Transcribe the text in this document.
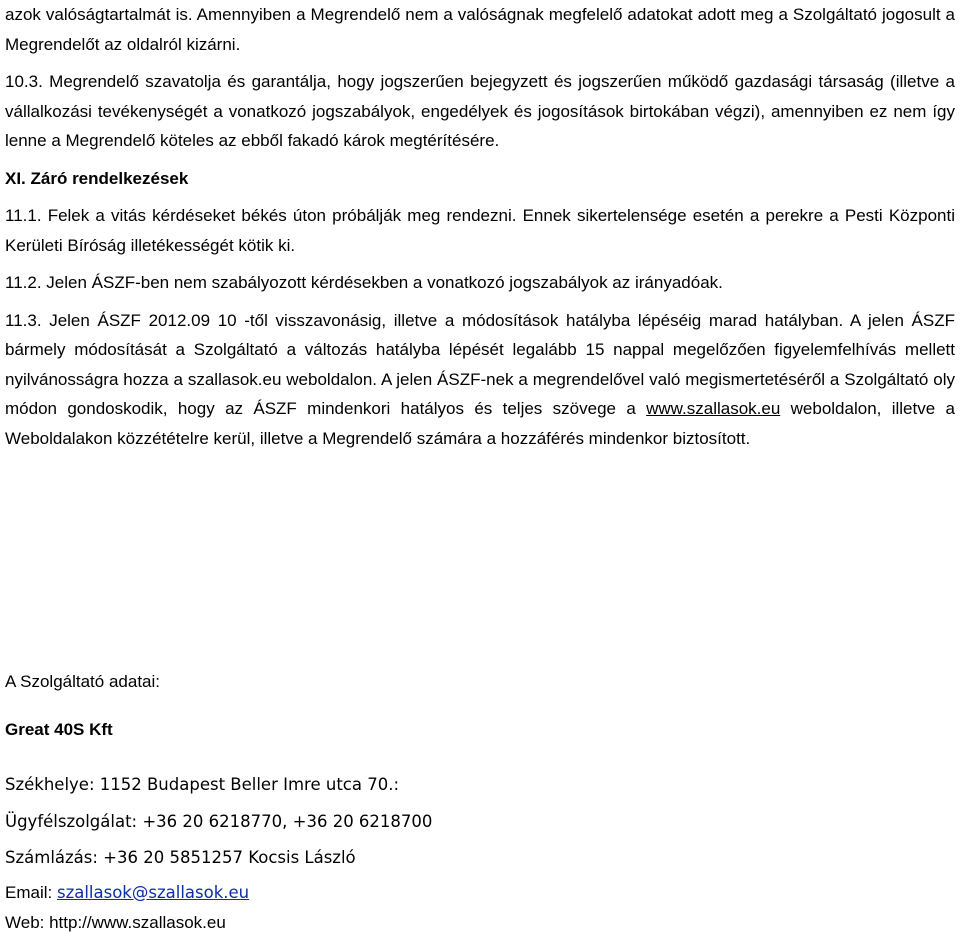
azok valóságtartalmát is. Amennyiben a Megrendelő nem a valóságnak megfelelő adatokat adott meg a Szolgáltató jogosult a Megrendelőt az oldalról kizárni.

10.3. Megrendelő szavatolja és garantálja, hogy jogszerűen bejegyzett és jogszerűen működő gazdasági társaság (illetve a vállalkozási tevékenységét a vonatkozó jogszabályok, engedélyek és jogosítások birtokában végzi), amennyiben ez nem így lenne a Megrendelő köteles az ebből fakadó károk megtérítésére.

XI. Záró rendelkezések

11.1. Felek a vitás kérdéseket békés úton próbálják meg rendezni. Ennek sikertelensége esetén a perekre a Pesti Központi Kerületi Bíróság illetékességét kötik ki.

11.2. Jelen ÁSZF-ben nem szabályozott kérdésekben a vonatkozó jogszabályok az irányadóak.

11.3. Jelen ÁSZF 2012.09 10 -től visszavonásig, illetve a módosítások hatályba lépéséig marad hatályban. A jelen ÁSZF bármely módosítását a Szolgáltató a változás hatályba lépését legalább 15 nappal megelőzően figyelemfelhívás mellett nyilvánosságra hozza a szallasok.eu weboldalon. A jelen ÁSZF-nek a megrendelővel való megismertetéséről a Szolgáltató oly módon gondoskodik, hogy az ÁSZF mindenkori hatályos és teljes szövege a www.szallasok.eu weboldalon, illetve a Weboldalakon közzétételre kerül, illetve a Megrendelő számára a hozzáférés mindenkor biztosított.

A Szolgáltató adatai:

Great 40S Kft

Székhelye: 1152 Budapest Beller Imre utca 70.:

Ügyfélszolgálat: +36 20 6218770, +36 20 6218700

Számlázás: +36 20 5851257 Kocsis László

Email: szallasok@szallasok.eu

Web: http://www.szallasok.eu
